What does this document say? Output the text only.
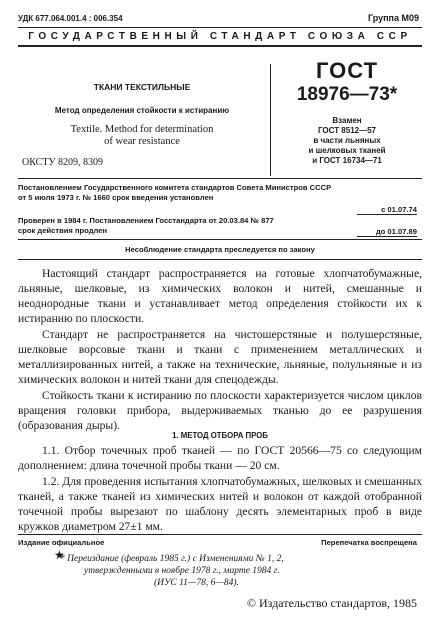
УДК 677.064.001.4 : 006.354	Группа М09
ГОСУДАРСТВЕННЫЙ СТАНДАРТ СОЮЗА ССР
ТКАНИ ТЕКСТИЛЬНЫЕ
Метод определения стойкости к истиранию
Textile. Method for determination
of wear resistance
ОКСТУ 8209, 8309
ГОСТ
18976—73*
Взамен
ГОСТ 8512—57
в части льняных
и шелковых тканей
и ГОСТ 16734—71
Постановлением Государственного комитета стандартов Совета Министров СССР
от 5 июля 1973 г. № 1660 срок введения установлен
с 01.07.74
Проверен в 1984 г. Постановлением Госстандарта от 20.03.84 № 877
срок действия продлен	до 01.07.89
Несоблюдение стандарта преследуется по закону
Настоящий стандарт распространяется на готовые хлопчатобумажные, льняные, шелковые, из химических волокон и нитей, смешанные и неоднородные ткани и устанавливает метод определения стойкости их к истиранию по плоскости.
Стандарт не распространяется на чистошерстяные и полушерстяные, шелковые ворсовые ткани и ткани с применением металлических и металлизированных нитей, а также на технические, льняные, полульняные и из химических волокон и нитей ткани для спецодежды.
Стойкость ткани к истиранию по плоскости характеризуется числом циклов вращения головки прибора, выдерживаемых тканью до ее разрушения (образования дыры).
1. МЕТОД ОТБОРА ПРОБ
1.1. Отбор точечных проб тканей — по ГОСТ 20566—75 со следующим дополнением: длина точечной пробы ткани — 20 см.
1.2. Для проведения испытания хлопчатобумажных, шелковых и смешанных тканей, а также тканей из химических нитей и волокон от каждой отобранной точечной пробы вырезают по шаблону десять элементарных проб в виде кружков диаметром 27±1 мм.
Издание официальное	Перепечатка воспрещена
★
* Переиздание (февраль 1985 г.) с Изменениями № 1, 2,
утвержденными в ноябре 1978 г., марте 1984 г.
(ИУС 11—78, 6—84).
© Издательство стандартов, 1985
